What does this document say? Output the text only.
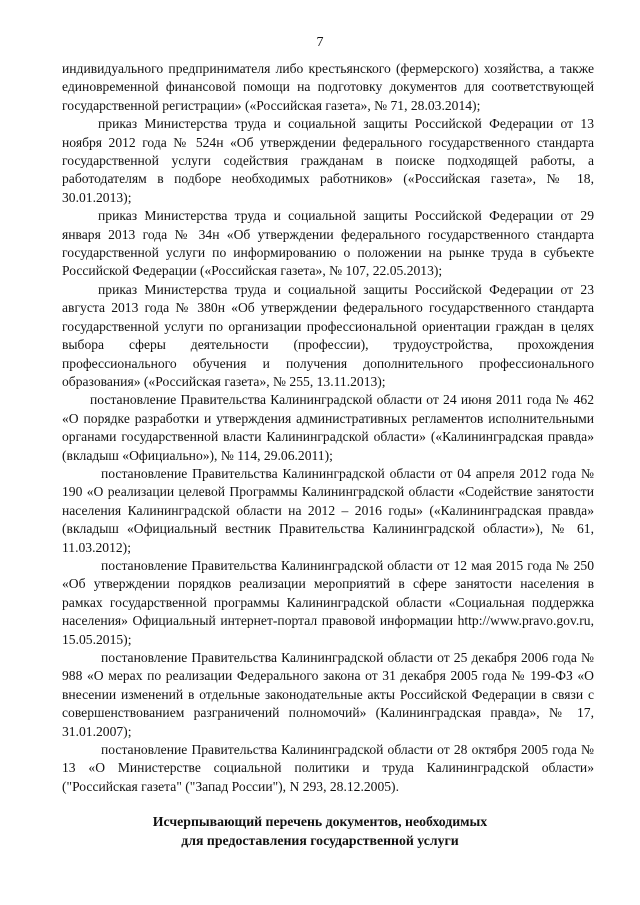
7

индивидуального предпринимателя либо крестьянского (фермерского) хозяйства, а также единовременной финансовой помощи на подготовку документов для соответствующей государственной регистрации» («Российская газета», № 71, 28.03.2014);

приказ Министерства труда и социальной защиты Российской Федерации от 13 ноября 2012 года № 524н «Об утверждении федерального государственного стандарта государственной услуги содействия гражданам в поиске подходящей работы, а работодателям в подборе необходимых работников» («Российская газета», № 18, 30.01.2013);

приказ Министерства труда и социальной защиты Российской Федерации от 29 января 2013 года № 34н «Об утверждении федерального государственного стандарта государственной услуги по информированию о положении на рынке труда в субъекте Российской Федерации («Российская газета», № 107, 22.05.2013);

приказ Министерства труда и социальной защиты Российской Федерации от 23 августа 2013 года № 380н «Об утверждении федерального государственного стандарта государственной услуги по организации профессиональной ориентации граждан в целях выбора сферы деятельности (профессии), трудоустройства, прохождения профессионального обучения и получения дополнительного профессионального образования» («Российская газета», № 255, 13.11.2013);

постановление Правительства Калининградской области от 24 июня 2011 года № 462 «О порядке разработки и утверждения административных регламентов исполнительными органами государственной власти Калининградской области» («Калининградская правда» (вкладыш «Официально»), № 114, 29.06.2011);

постановление Правительства Калининградской области от 04 апреля 2012 года № 190 «О реализации целевой Программы Калининградской области «Содействие занятости населения Калининградской области на 2012 – 2016 годы» («Калининградская правда» (вкладыш «Официальный вестник Правительства Калининградской области»), № 61, 11.03.2012);

постановление Правительства Калининградской области от 12 мая 2015 года № 250 «Об утверждении порядков реализации мероприятий в сфере занятости населения в рамках государственной программы Калининградской области «Социальная поддержка населения» Официальный интернет-портал правовой информации http://www.pravo.gov.ru, 15.05.2015);

постановление Правительства Калининградской области от 25 декабря 2006 года № 988 «О мерах по реализации Федерального закона от 31 декабря 2005 года № 199-ФЗ «О внесении изменений в отдельные законодательные акты Российской Федерации в связи с совершенствованием разграничений полномочий» (Калининградская правда», № 17, 31.01.2007);

постановление Правительства Калининградской области от 28 октября 2005 года № 13 «О Министерстве социальной политики и труда Калининградской области» ("Российская газета" ("Запад России"), N 293, 28.12.2005).

Исчерпывающий перечень документов, необходимых
для предоставления государственной услуги
